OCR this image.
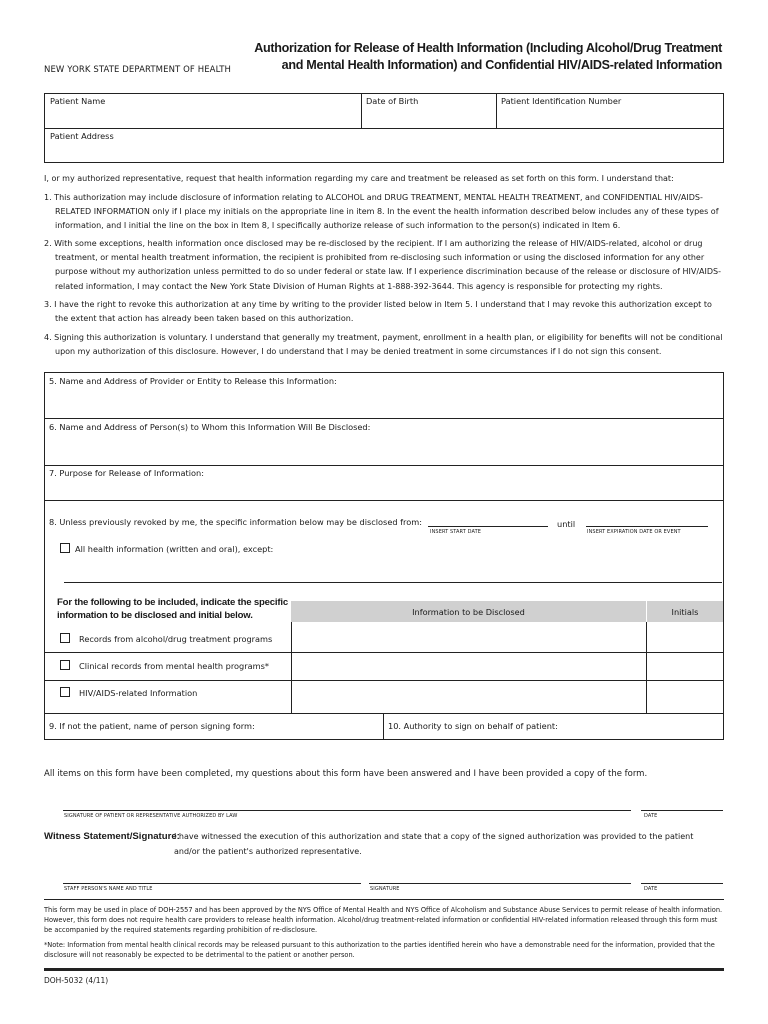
NEW YORK STATE DEPARTMENT OF HEALTH
Authorization for Release of Health Information (Including Alcohol/Drug Treatment
and Mental Health Information) and Confidential HIV/AIDS-related Information
Patient Name	Date of Birth	Patient Identification Number
Patient Address
I, or my authorized representative, request that health information regarding my care and treatment be released as set forth on this form. I understand that:
1. This authorization may include disclosure of information relating to ALCOHOL and DRUG TREATMENT, MENTAL HEALTH TREATMENT, and CONFIDENTIAL HIV/AIDS-RELATED INFORMATION only if I place my initials on the appropriate line in item 8. In the event the health information described below includes any of these types of information, and I initial the line on the box in Item 8, I specifically authorize release of such information to the person(s) indicated in Item 6.
2. With some exceptions, health information once disclosed may be re-disclosed by the recipient. If I am authorizing the release of HIV/AIDS-related, alcohol or drug treatment, or mental health treatment information, the recipient is prohibited from re-disclosing such information or using the disclosed information for any other purpose without my authorization unless permitted to do so under federal or state law. If I experience discrimination because of the release or disclosure of HIV/AIDS-related information, I may contact the New York State Division of Human Rights at 1-888-392-3644. This agency is responsible for protecting my rights.
3. I have the right to revoke this authorization at any time by writing to the provider listed below in Item 5. I understand that I may revoke this authorization except to the extent that action has already been taken based on this authorization.
4. Signing this authorization is voluntary. I understand that generally my treatment, payment, enrollment in a health plan, or eligibility for benefits will not be conditional upon my authorization of this disclosure. However, I do understand that I may be denied treatment in some circumstances if I do not sign this consent.
5. Name and Address of Provider or Entity to Release this Information:
6. Name and Address of Person(s) to Whom this Information Will Be Disclosed:
7. Purpose for Release of Information:
8. Unless previously revoked by me, the specific information below may be disclosed from:
INSERT START DATE
until
INSERT EXPIRATION DATE OR EVENT
All health information (written and oral), except:
For the following to be included, indicate the specific
information to be disclosed and initial below.	Information to be Disclosed	Initials
Records from alcohol/drug treatment programs
Clinical records from mental health programs*
HIV/AIDS-related Information
9. If not the patient, name of person signing form:	10. Authority to sign on behalf of patient:
All items on this form have been completed, my questions about this form have been answered and I have been provided a copy of the form.
SIGNATURE OF PATIENT OR REPRESENTATIVE AUTHORIZED BY LAW	DATE
Witness Statement/Signature:
I have witnessed the execution of this authorization and state that a copy of the signed authorization was provided to the patient
and/or the patient's authorized representative.
STAFF PERSON'S NAME AND TITLE	SIGNATURE	DATE
This form may be used in place of DOH-2557 and has been approved by the NYS Office of Mental Health and NYS Office of Alcoholism and Substance Abuse Services to permit release of health information. However, this form does not require health care providers to release health information. Alcohol/drug treatment-related information or confidential HIV-related information released through this form must be accompanied by the required statements regarding prohibition of re-disclosure.
*Note: Information from mental health clinical records may be released pursuant to this authorization to the parties identified herein who have a demonstrable need for the information, provided that the disclosure will not reasonably be expected to be detrimental to the patient or another person.
DOH-5032 (4/11)
